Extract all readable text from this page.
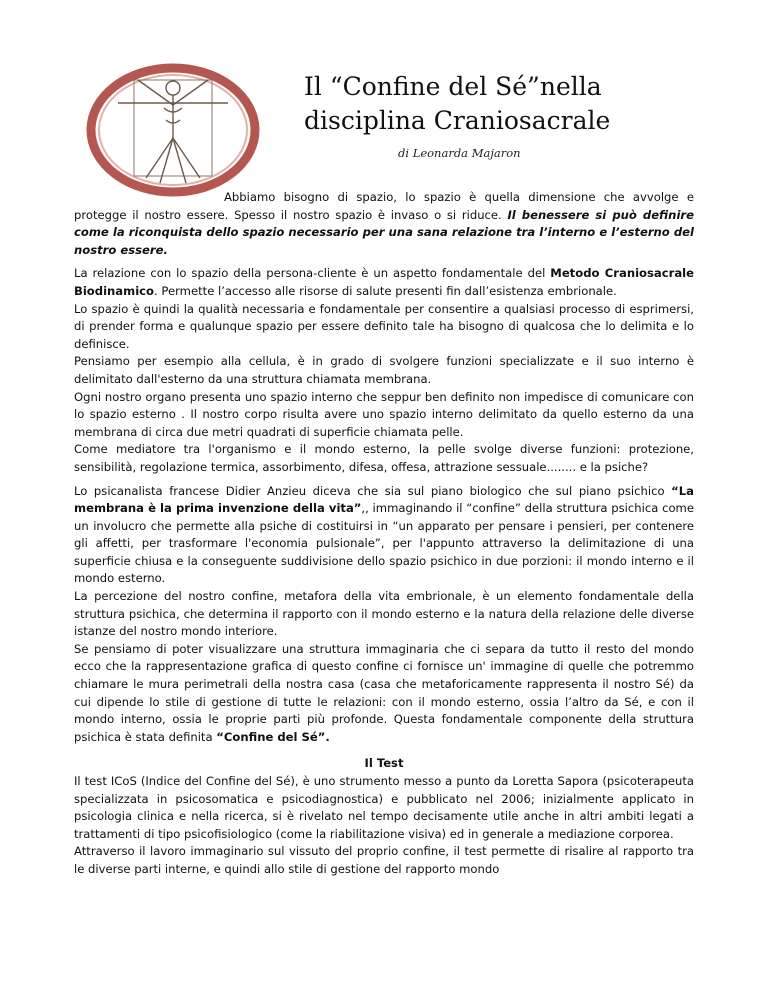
Il “Confine del Sé”nella
disciplina Craniosacrale
di Leonarda Majaron

Abbiamo bisogno di spazio, lo spazio è quella dimensione che avvolge e protegge il nostro essere. Spesso il nostro spazio è invaso o si riduce. Il benessere si può definire come la riconquista dello spazio necessario per una sana relazione tra l’interno e l’esterno del nostro essere.

La relazione con lo spazio della persona-cliente è un aspetto fondamentale del Metodo Craniosacrale Biodinamico. Permette l’accesso alle risorse di salute presenti fin dall’esistenza embrionale.

Lo spazio è quindi la qualità necessaria e fondamentale per consentire a qualsiasi processo di esprimersi, di prender forma e qualunque spazio per essere definito tale ha bisogno di qualcosa che lo delimita e lo definisce.

Pensiamo per esempio alla cellula, è in grado di svolgere funzioni specializzate e il suo interno è delimitato dall'esterno da una struttura chiamata membrana.

Ogni nostro organo presenta uno spazio interno che seppur ben definito non impedisce di comunicare con lo spazio esterno . Il nostro corpo risulta avere uno spazio interno delimitato da quello esterno da una membrana di circa due metri quadrati di superficie chiamata pelle.

Come mediatore tra l'organismo e il mondo esterno, la pelle svolge diverse funzioni: protezione, sensibilità, regolazione termica, assorbimento, difesa, offesa, attrazione sessuale........ e la psiche?

Lo psicanalista francese Didier Anzieu diceva che sia sul piano biologico che sul piano psichico “La membrana è la prima invenzione della vita”,, immaginando il “confine” della struttura psichica come un involucro che permette alla psiche di costituirsi in “un apparato per pensare i pensieri, per contenere gli affetti, per trasformare l'economia pulsionale”, per l'appunto attraverso la delimitazione di una superficie chiusa e la conseguente suddivisione dello spazio psichico in due porzioni: il mondo interno e il mondo esterno.

La percezione del nostro confine, metafora della vita embrionale, è un elemento fondamentale della struttura psichica, che determina il rapporto con il mondo esterno e la natura della relazione delle diverse istanze del nostro mondo interiore.

Se pensiamo di poter visualizzare una struttura immaginaria che ci separa da tutto il resto del mondo ecco che la rappresentazione grafica di questo confine ci fornisce un' immagine di quelle che potremmo chiamare le mura perimetrali della nostra casa (casa che metaforicamente rappresenta il nostro Sé) da cui dipende lo stile di gestione di tutte le relazioni: con il mondo esterno, ossia l’altro da Sé, e con il mondo interno, ossia le proprie parti più profonde. Questa fondamentale componente della struttura psichica è stata definita “Confine del Sé”.

Il Test

Il test ICoS (Indice del Confine del Sé), è uno strumento messo a punto da Loretta Sapora (psicoterapeuta specializzata in psicosomatica e psicodiagnostica) e pubblicato nel 2006; inizialmente applicato in psicologia clinica e nella ricerca, si è rivelato nel tempo decisamente utile anche in altri ambiti legati a trattamenti di tipo psicofisiologico (come la riabilitazione visiva) ed in generale a mediazione corporea.

Attraverso il lavoro immaginario sul vissuto del proprio confine, il test permette di risalire al rapporto tra le diverse parti interne, e quindi allo stile di gestione del rapporto mondo
